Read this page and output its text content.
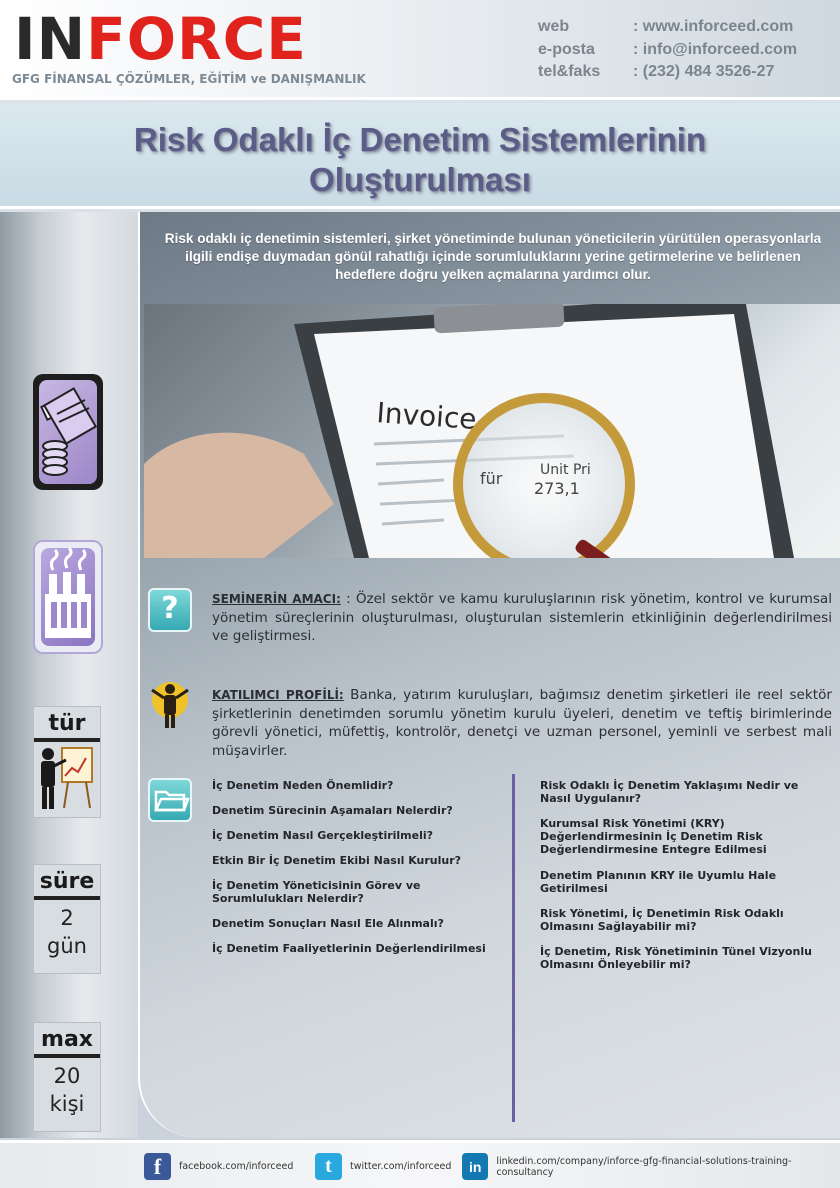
INFORCE
GFG FİNANSAL ÇÖZÜMLER, EĞİTİM ve DANIŞMANLIK
web	: www.inforceed.com
e-posta	: info@inforceed.com
tel&faks	: (232) 484 3526-27
Risk Odaklı İç Denetim Sistemlerinin
Oluşturulması
tür
süre
2
gün
max
20
kişi
Risk odaklı iç denetimin sistemleri, şirket yönetiminde bulunan yöneticilerin yürütülen operasyonlarla ilgili endişe duymadan gönül rahatlığı içinde sorumluluklarını yerine getirmelerine ve belirlenen hedeflere doğru yelken açmalarına yardımcı olur.
Invoice
für	Unit Pri
273,1
?	SEMİNERİN AMACI: : Özel sektör ve kamu kuruluşlarının risk yönetim, kontrol ve kurumsal yönetim süreçlerinin oluşturulması, oluşturulan sistemlerin etkinliğinin değerlendirilmesi ve geliştirmesi.
KATILIMCI PROFİLİ: Banka, yatırım kuruluşları, bağımsız denetim şirketleri ile reel sektör şirketlerinin denetimden sorumlu yönetim kurulu üyeleri, denetim ve teftiş birimlerinde görevli yönetici, müfettiş, kontrolör, denetçi ve uzman personel, yeminli ve serbest mali müşavirler.
İç Denetim Neden Önemlidir?
Denetim Sürecinin Aşamaları Nelerdir?
İç Denetim Nasıl Gerçekleştirilmeli?
Etkin Bir İç Denetim Ekibi Nasıl Kurulur?
İç Denetim Yöneticisinin Görev ve Sorumlulukları Nelerdir?
Denetim Sonuçları Nasıl Ele Alınmalı?
İç Denetim Faaliyetlerinin Değerlendirilmesi
Risk Odaklı İç Denetim Yaklaşımı Nedir ve Nasıl Uygulanır?
Kurumsal Risk Yönetimi (KRY) Değerlendirmesinin İç Denetim Risk Değerlendirmesine Entegre Edilmesi
Denetim Planının KRY ile Uyumlu Hale Getirilmesi
Risk Yönetimi, İç Denetimin Risk Odaklı Olmasını Sağlayabilir mi?
İç Denetim, Risk Yönetiminin Tünel Vizyonlu Olmasını Önleyebilir mi?
f	facebook.com/inforceed	t	twitter.com/inforceed	in	linkedin.com/company/inforce-gfg-financial-solutions-training-consultancy
